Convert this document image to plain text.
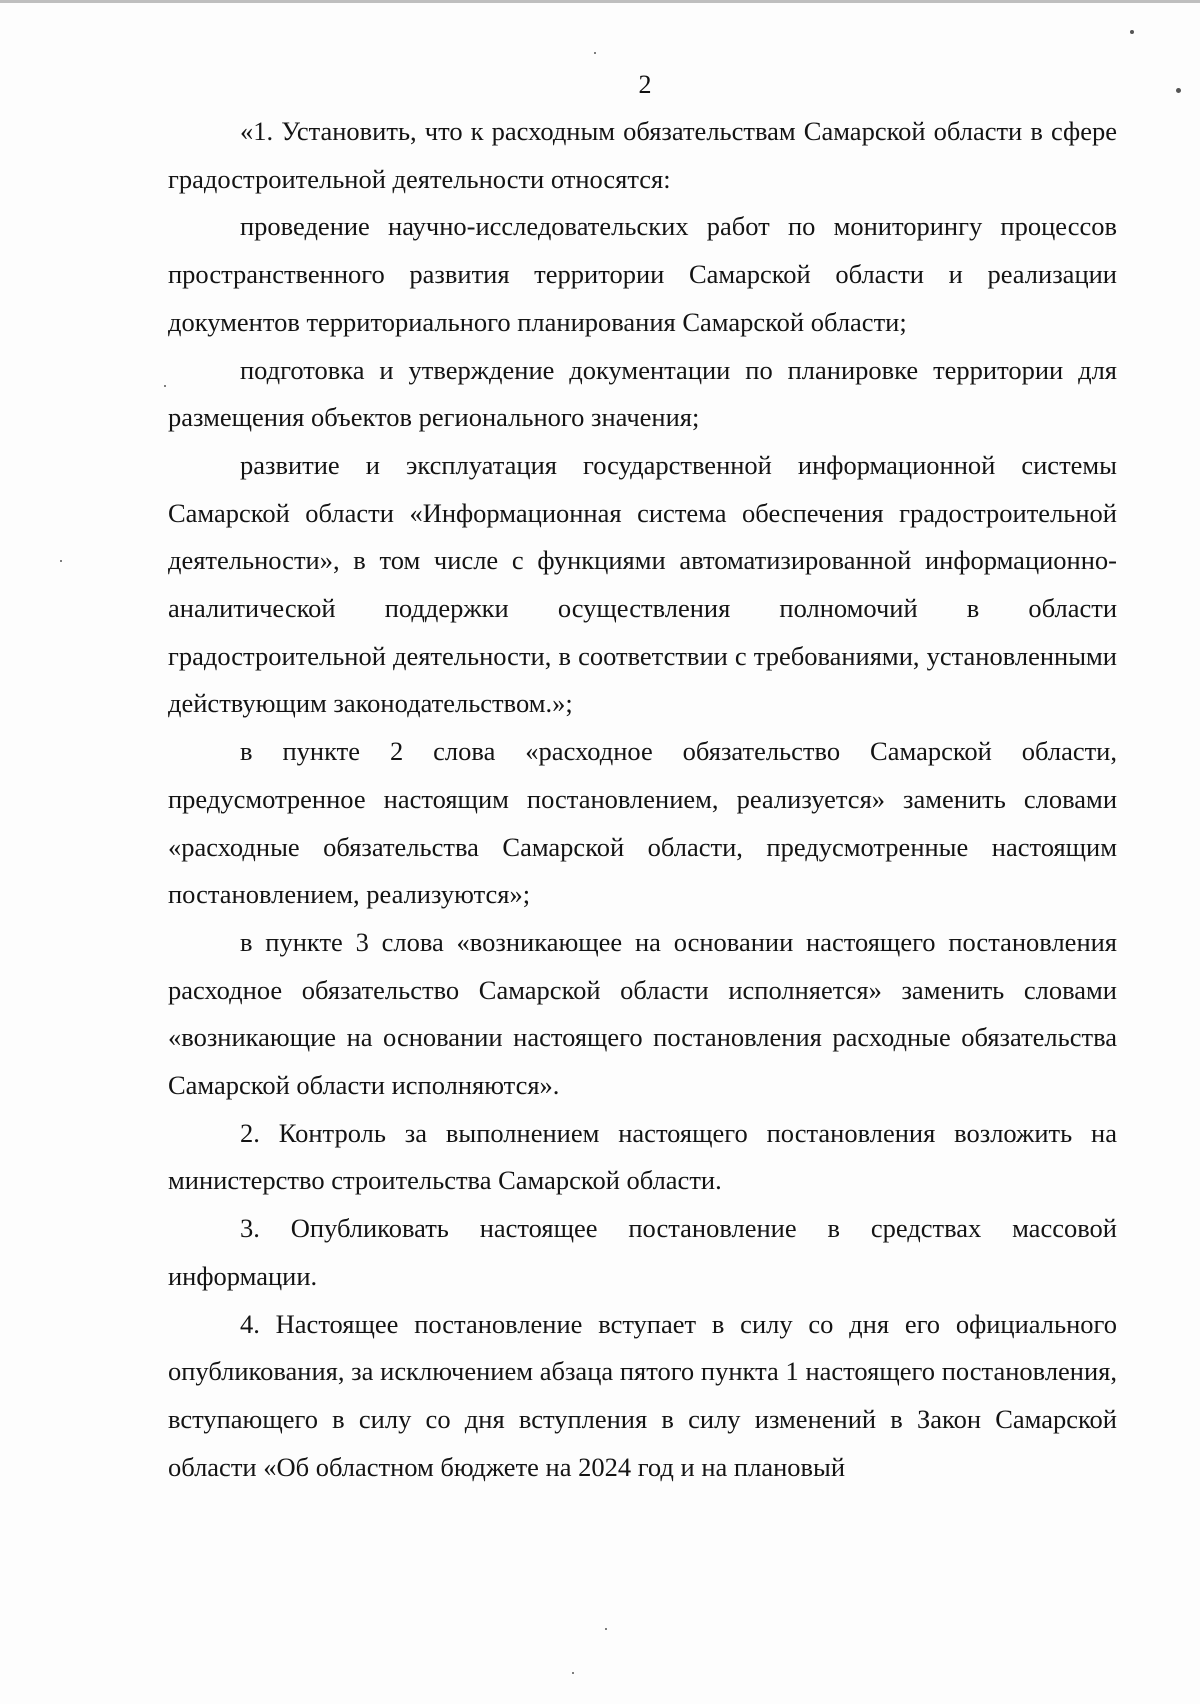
2

«1. Установить, что к расходным обязательствам Самарской области в сфере градостроительной деятельности относятся:

проведение научно-исследовательских работ по мониторингу процессов пространственного развития территории Самарской области и реализации документов территориального планирования Самарской области;

подготовка и утверждение документации по планировке территории для размещения объектов регионального значения;

развитие и эксплуатация государственной информационной системы Самарской области «Информационная система обеспечения градостроительной деятельности», в том числе с функциями автоматизированной информационно-аналитической поддержки осуществления полномочий в области градостроительной деятельности, в соответствии с требованиями, установленными действующим законодательством.»;

в пункте 2 слова «расходное обязательство Самарской области, предусмотренное настоящим постановлением, реализуется» заменить словами «расходные обязательства Самарской области, предусмотренные настоящим постановлением, реализуются»;

в пункте 3 слова «возникающее на основании настоящего постановления расходное обязательство Самарской области исполняется» заменить словами «возникающие на основании настоящего постановления расходные обязательства Самарской области исполняются».

2. Контроль за выполнением настоящего постановления возложить на министерство строительства Самарской области.

3. Опубликовать настоящее постановление в средствах массовой информации.

4. Настоящее постановление вступает в силу со дня его официального опубликования, за исключением абзаца пятого пункта 1 настоящего постановления, вступающего в силу со дня вступления в силу изменений в Закон Самарской области «Об областном бюджете на 2024 год и на плановый
